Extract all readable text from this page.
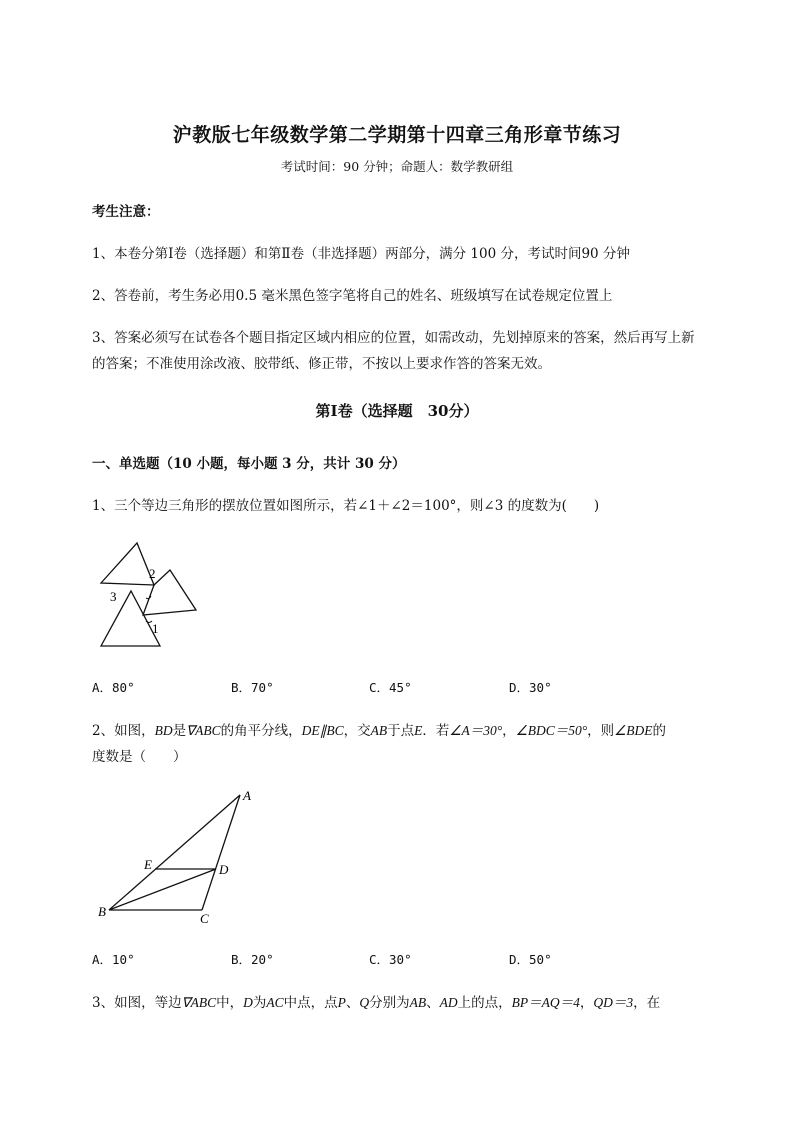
沪教版七年级数学第二学期第十四章三角形章节练习
考试时间：90 分钟；命题人：数学教研组
考生注意：
1、本卷分第Ⅰ卷（选择题）和第Ⅱ卷（非选择题）两部分，满分 100 分，考试时间90 分钟
2、答卷前，考生务必用0.5 毫米黑色签字笔将自己的姓名、班级填写在试卷规定位置上
3、答案必须写在试卷各个题目指定区域内相应的位置，如需改动，先划掉原来的答案，然后再写上新
的答案；不准使用涂改液、胶带纸、修正带，不按以上要求作答的答案无效。
第Ⅰ卷（选择题　30分）
一、单选题（10 小题，每小题 3 分，共计 30 分）
1、三个等边三角形的摆放位置如图所示，若∠1＋∠2＝100°，则∠3 的度数为(　　)
2
3
1
A．80°	B．70°	C．45°	D．30°
2、如图，BD是∇ABC的角平分线，DE∥BC，交AB于点E．若∠A＝30°，∠BDC＝50°，则∠BDE的
度数是（　　）
A
E	D
B	C
A．10°	B．20°	C．30°	D．50°
3、如图，等边∇ABC中，D为AC中点，点P、Q分别为AB、AD上的点，BP＝AQ＝4，QD＝3，在
